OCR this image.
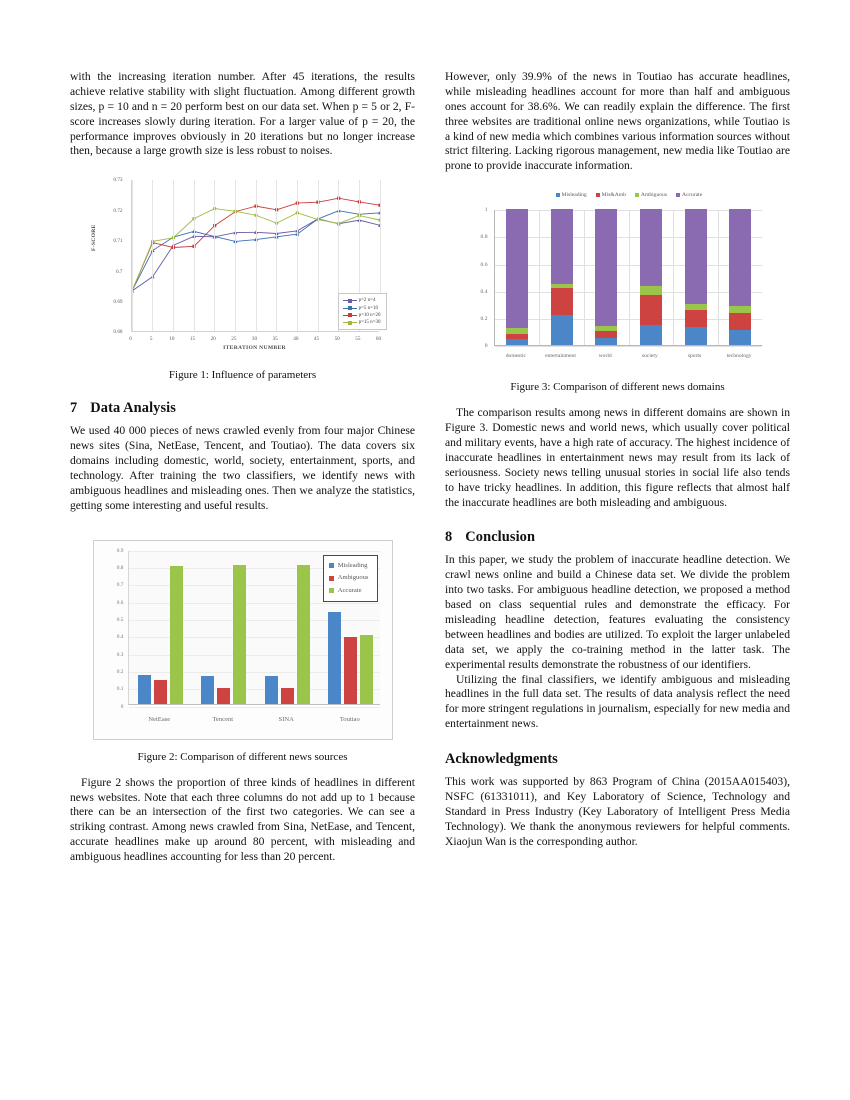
with the increasing iteration number. After 45 iterations, the results achieve relative stability with slight fluctuation. Among different growth sizes, p = 10 and n = 20 perform best on our data set. When p = 5 or 2, F-score increases slowly during iteration. For a larger value of p = 20, the performance improves obviously in 20 iterations but no longer increase then, because a large growth size is less robust to noises.

F-SCORE
0.68
0.69
0.7
0.71
0.72
0.73
0	5	10	15	20	25	30	35	40	45	50	55	60
ITERATION NUMBER
p=2 n=4
p=5 n=10
p=10 n=20
p=15 n=30
Figure 1: Influence of parameters
7 Data Analysis

We used 40 000 pieces of news crawled evenly from four major Chinese news sites (Sina, NetEase, Tencent, and Toutiao). The data covers six domains including domestic, world, society, entertainment, sports, and technology. After training the two classifiers, we identify news with ambiguous headlines and misleading ones. Then we analyze the statistics, getting some interesting and useful results.

0
0.1
0.2
0.3
0.4
0.5
0.6
0.7
0.8
0.9
NetEase	Tencent	SINA	Toutiao
Misleading
Ambiguous
Accurate
Figure 2: Comparison of different news sources

Figure 2 shows the proportion of three kinds of headlines in different news websites. Note that each three columns do not add up to 1 because there can be an intersection of the first two categories. We can see a striking contrast. Among news crawled from Sina, NetEase, and Tencent, accurate headlines make up around 80 percent, with misleading and ambiguous headlines accounting for less than 20 percent.

However, only 39.9% of the news in Toutiao has accurate headlines, while misleading headlines account for more than half and ambiguous ones account for 38.6%. We can readily explain the difference. The first three websites are traditional online news organizations, while Toutiao is a kind of new media which combines various information sources without strict filtering. Lacking rigorous management, new media like Toutiao are prone to provide inaccurate information.

Misleading	Mis&Amb	Ambiguous	Accurate
0
0.2
0.4
0.6
0.8
1
domestic	entertainment	world	society	sports	technology
Figure 3: Comparison of different news domains

The comparison results among news in different domains are shown in Figure 3. Domestic news and world news, which usually cover political and military events, have a high rate of accuracy. The highest incidence of inaccurate headlines in entertainment news may result from its lack of seriousness. Society news telling unusual stories in social life also tends to have tricky headlines. In addition, this figure reflects that almost half the inaccurate headlines are both misleading and ambiguous.

8 Conclusion

In this paper, we study the problem of inaccurate headline detection. We crawl news online and build a Chinese data set. We divide the problem into two tasks. For ambiguous headline detection, we proposed a method based on class sequential rules and demonstrate the efficacy. For misleading headline detection, features evaluating the consistency between headlines and bodies are utilized. To exploit the larger unlabeled data set, we apply the co-training method in the latter task. The experimental results demonstrate the robustness of our identifiers.

Utilizing the final classifiers, we identify ambiguous and misleading headlines in the full data set. The results of data analysis reflect the need for more stringent regulations in journalism, especially for new media and entertainment news.

Acknowledgments

This work was supported by 863 Program of China (2015AA015403), NSFC (61331011), and Key Laboratory of Science, Technology and Standard in Press Industry (Key Laboratory of Intelligent Press Media Technology). We thank the anonymous reviewers for helpful comments. Xiaojun Wan is the corresponding author.
